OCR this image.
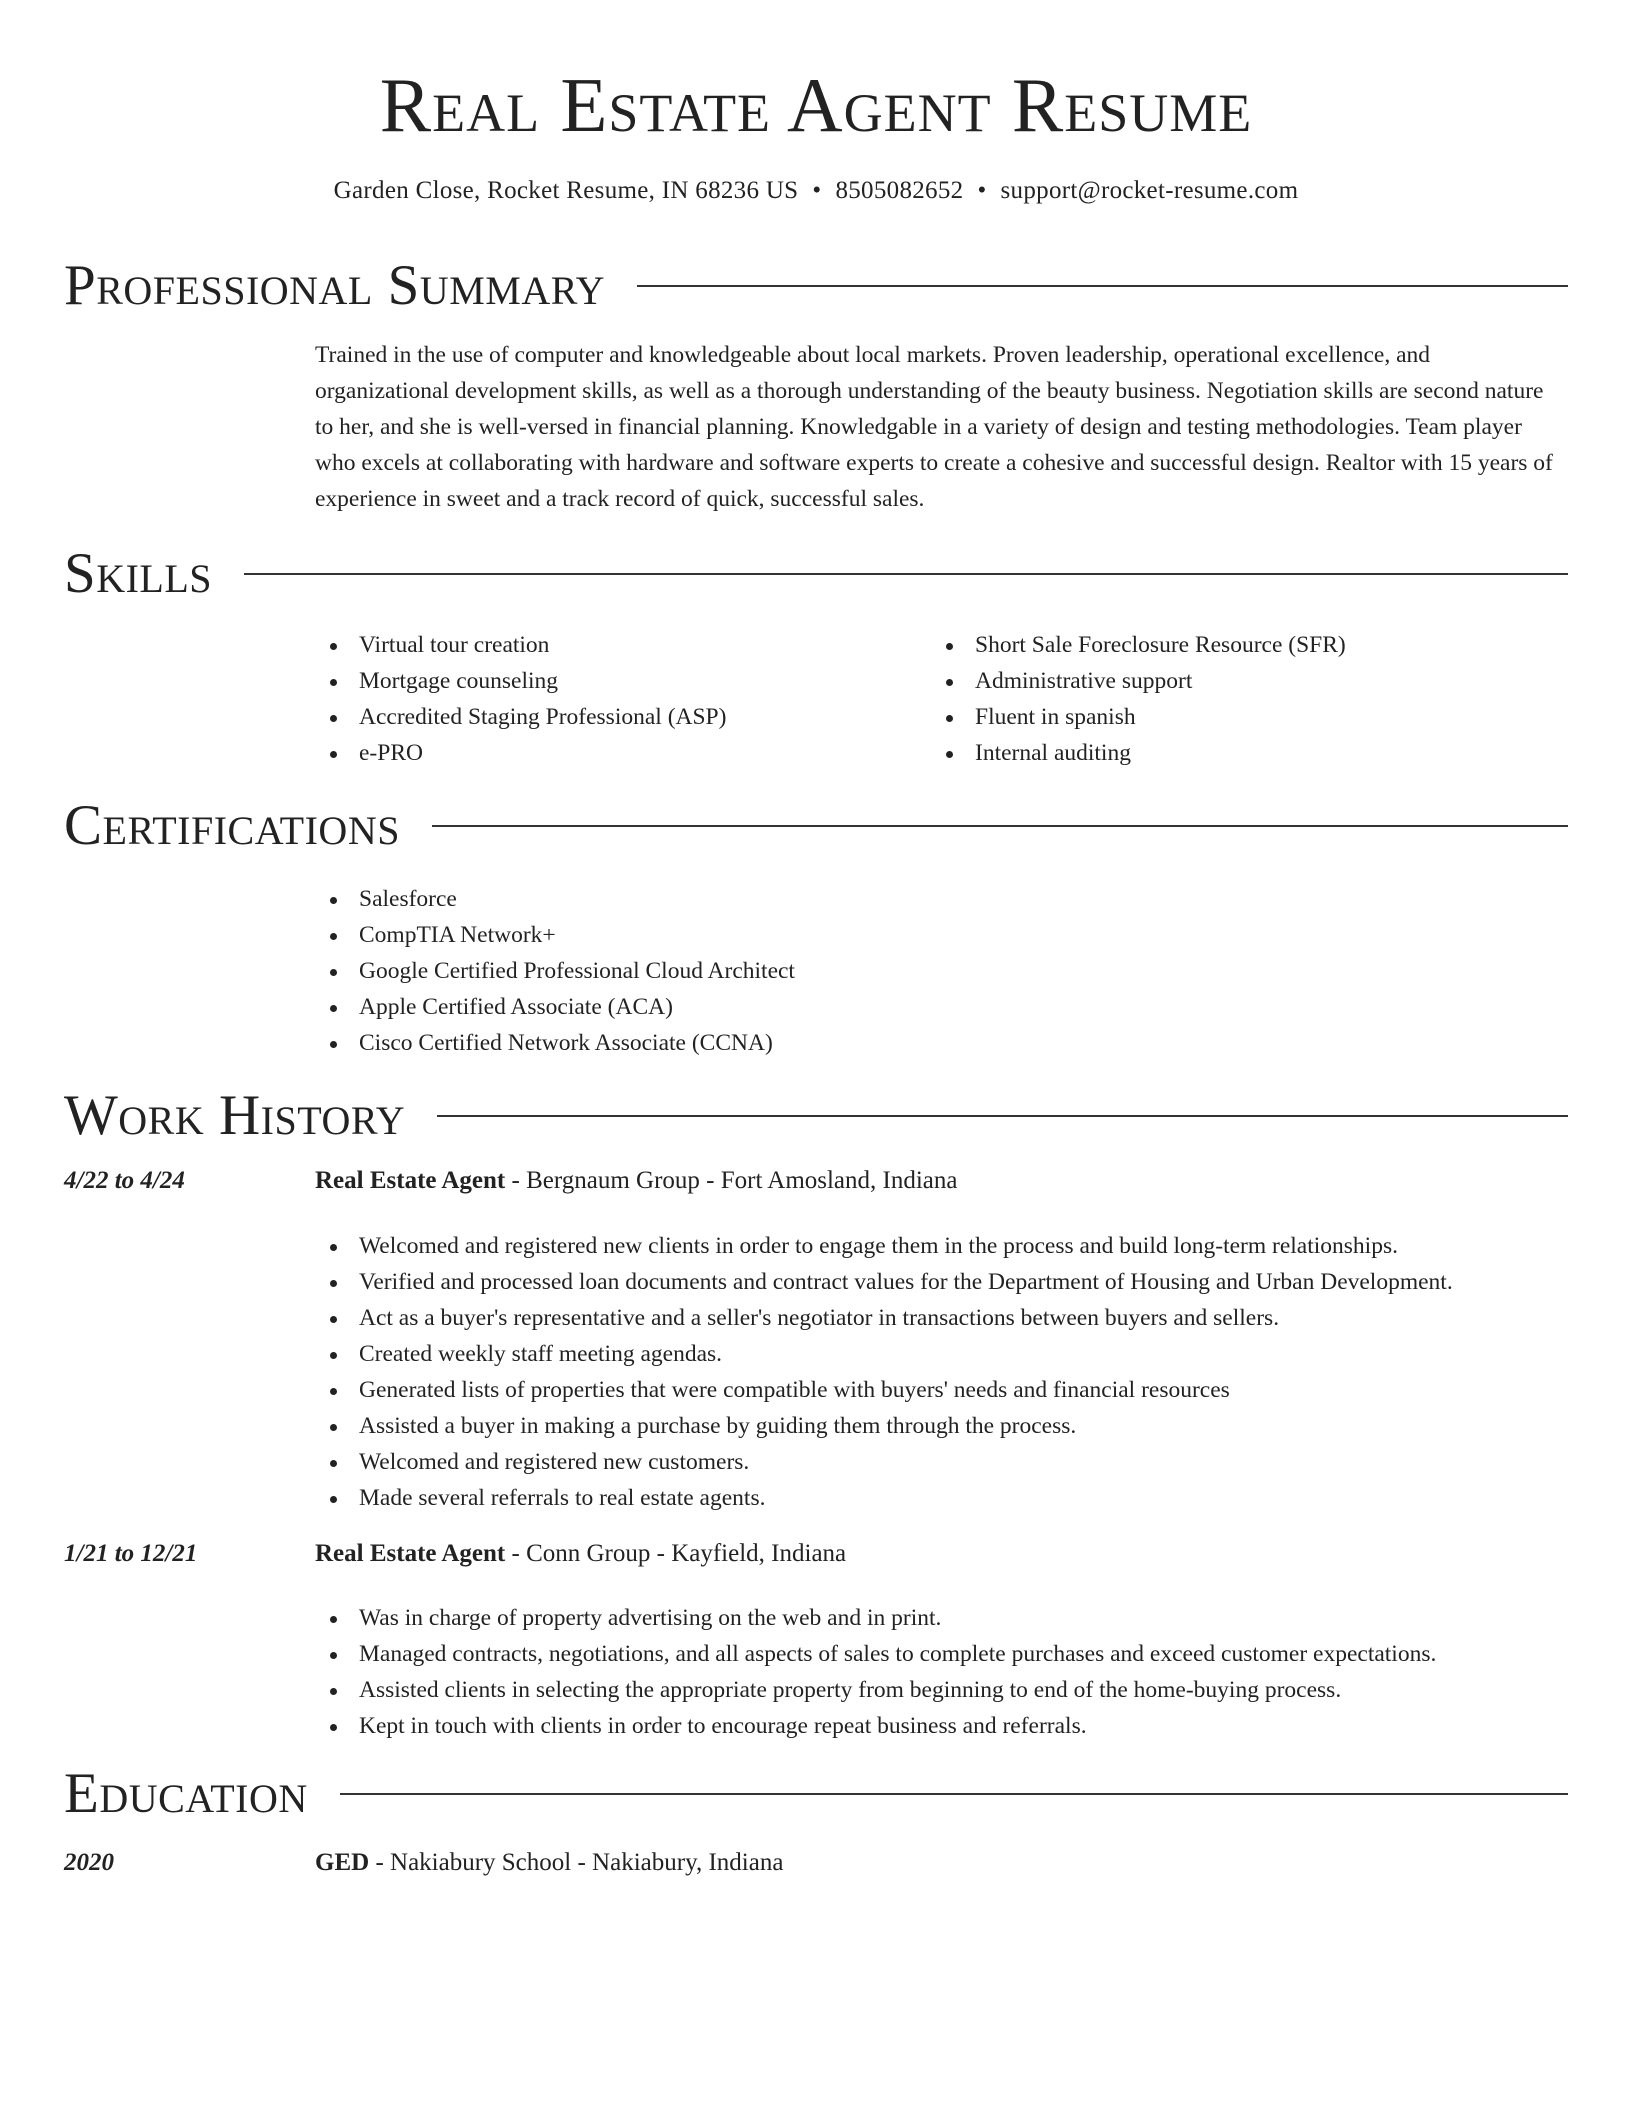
Real Estate Agent Resume
Garden Close, Rocket Resume, IN 68236 US • 8505082652 • support@rocket-resume.com
Professional Summary

Trained in the use of computer and knowledgeable about local markets. Proven leadership, operational excellence, and organizational development skills, as well as a thorough understanding of the beauty business. Negotiation skills are second nature to her, and she is well-versed in financial planning. Knowledgable in a variety of design and testing methodologies. Team player who excels at collaborating with hardware and software experts to create a cohesive and successful design. Realtor with 15 years of experience in sweet and a track record of quick, successful sales.

Skills
Virtual tour creation
Mortgage counseling
Accredited Staging Professional (ASP)
e-PRO
Short Sale Foreclosure Resource (SFR)
Administrative support
Fluent in spanish
Internal auditing
Certifications
Salesforce
CompTIA Network+
Google Certified Professional Cloud Architect
Apple Certified Associate (ACA)
Cisco Certified Network Associate (CCNA)
Work History
4/22 to 4/24	Real Estate Agent - Bergnaum Group - Fort Amosland, Indiana
Welcomed and registered new clients in order to engage them in the process and build long-term relationships.
Verified and processed loan documents and contract values for the Department of Housing and Urban Development.
Act as a buyer's representative and a seller's negotiator in transactions between buyers and sellers.
Created weekly staff meeting agendas.
Generated lists of properties that were compatible with buyers' needs and financial resources
Assisted a buyer in making a purchase by guiding them through the process.
Welcomed and registered new customers.
Made several referrals to real estate agents.
1/21 to 12/21	Real Estate Agent - Conn Group - Kayfield, Indiana
Was in charge of property advertising on the web and in print.
Managed contracts, negotiations, and all aspects of sales to complete purchases and exceed customer expectations.
Assisted clients in selecting the appropriate property from beginning to end of the home-buying process.
Kept in touch with clients in order to encourage repeat business and referrals.
Education
2020	GED - Nakiabury School - Nakiabury, Indiana
